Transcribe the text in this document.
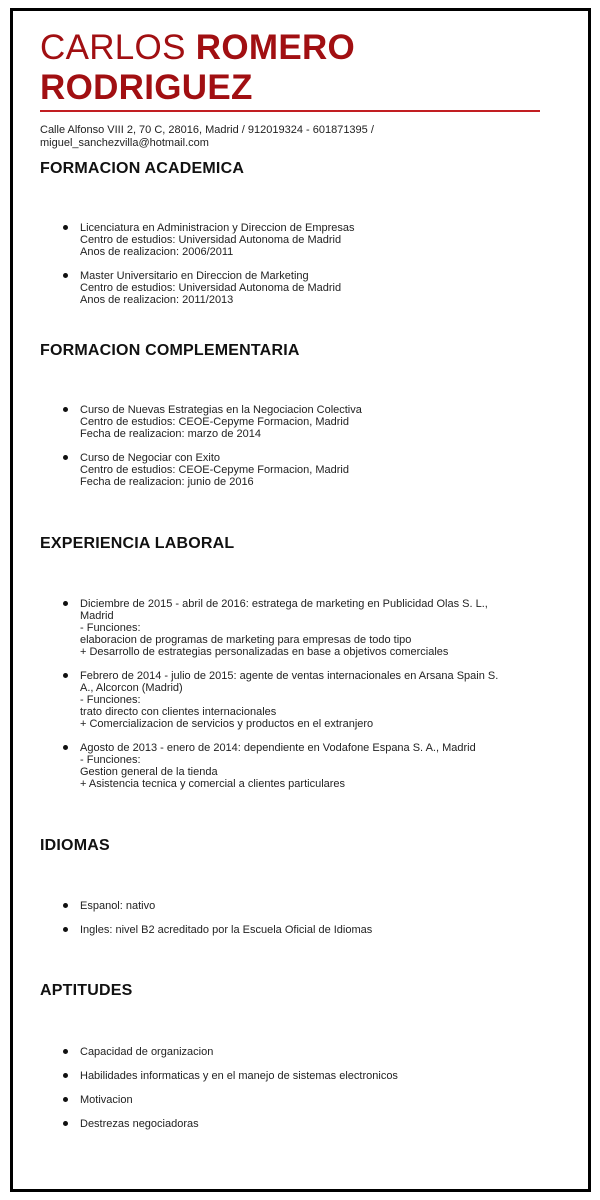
CARLOS ROMERO
RODRIGUEZ
Calle Alfonso VIII 2, 70 C, 28016, Madrid / 912019324 - 601871395 /
miguel_sanchezvilla@hotmail.com
FORMACION ACADEMICA
Licenciatura en Administracion y Direccion de Empresas
Centro de estudios: Universidad Autonoma de Madrid
Anos de realizacion: 2006/2011
Master Universitario en Direccion de Marketing
Centro de estudios: Universidad Autonoma de Madrid
Anos de realizacion: 2011/2013
FORMACION COMPLEMENTARIA
Curso de Nuevas Estrategias en la Negociacion Colectiva
Centro de estudios: CEOE-Cepyme Formacion, Madrid
Fecha de realizacion: marzo de 2014
Curso de Negociar con Exito
Centro de estudios: CEOE-Cepyme Formacion, Madrid
Fecha de realizacion: junio de 2016
EXPERIENCIA LABORAL
Diciembre de 2015 - abril de 2016: estratega de marketing en Publicidad Olas S. L.,
Madrid
- Funciones:
elaboracion de programas de marketing para empresas de todo tipo
+ Desarrollo de estrategias personalizadas en base a objetivos comerciales
Febrero de 2014 - julio de 2015: agente de ventas internacionales en Arsana Spain S.
A., Alcorcon (Madrid)
- Funciones:
trato directo con clientes internacionales
+ Comercializacion de servicios y productos en el extranjero
Agosto de 2013 - enero de 2014: dependiente en Vodafone Espana S. A., Madrid
- Funciones:
Gestion general de la tienda
+ Asistencia tecnica y comercial a clientes particulares
IDIOMAS
Espanol: nativo
Ingles: nivel B2 acreditado por la Escuela Oficial de Idiomas
APTITUDES
Capacidad de organizacion
Habilidades informaticas y en el manejo de sistemas electronicos
Motivacion
Destrezas negociadoras
